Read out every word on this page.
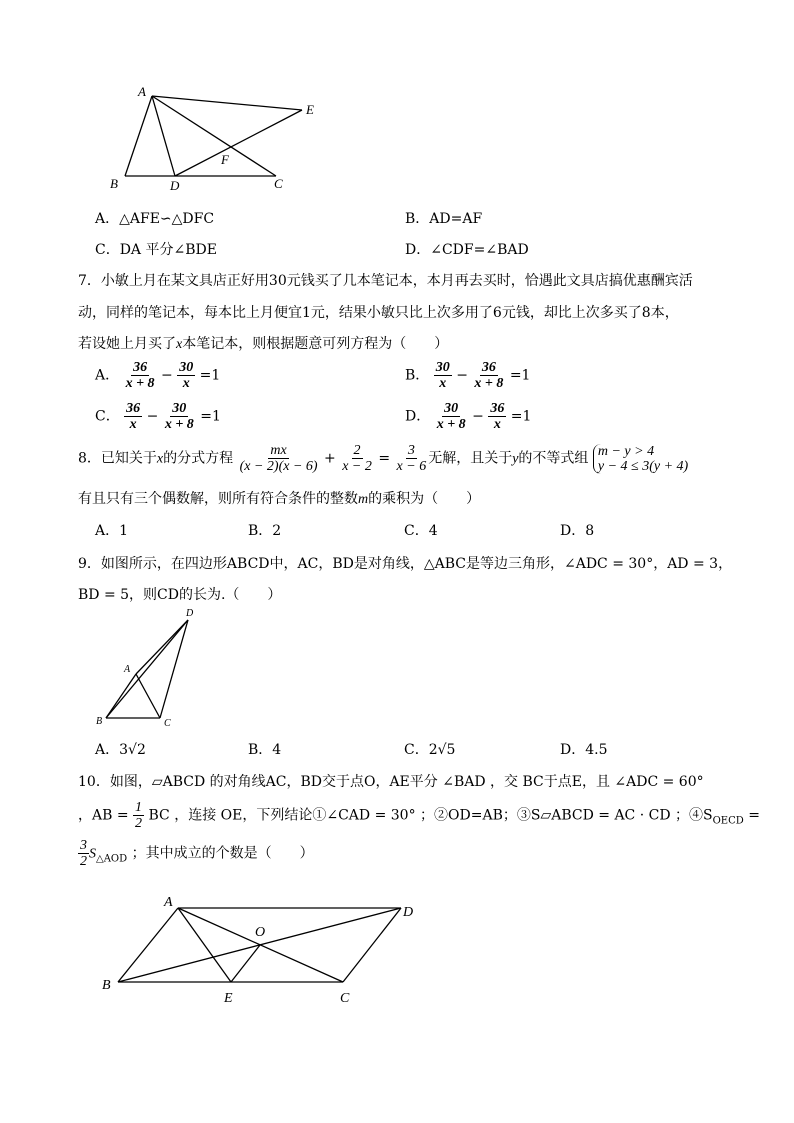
A
E
F
B	D	C
A．△AFE∽△DFC	B．AD=AF
C．DA 平分∠BDE	D．∠CDF=∠BAD
7．小敏上月在某文具店正好用30元钱买了几本笔记本，本月再去买时，恰遇此文具店搞优惠酬宾活
动，同样的笔记本，每本比上月便宜1元，结果小敏只比上次多用了6元钱，却比上次多买了8本，
若设她上月买了x本笔记本，则根据题意可列方程为（　　）
A． $\frac{36}{x + 8} - \frac{30}{x} =1$	B． $\frac{30}{x} - \frac{36}{x + 8} =1$
C． $\frac{36}{x} - \frac{30}{x + 8} =1$	D． $\frac{30}{x + 8} - \frac{36}{x} =1$
8．已知关于x的分式方程 $\frac{mx}{(x - 2)(x - 6)} + \frac{2}{x - 2} = \frac{3}{x - 6}$ 无解，且关于y的不等式组 m − y > 4
y − 4 ≤ 3(y + 4)
有且只有三个偶数解，则所有符合条件的整数m的乘积为（　　）
A．1	B．2	C．4	D．8
9．如图所示，在四边形ABCD中，AC，BD是对角线，△ABC是等边三角形，∠ADC = 30°，AD = 3，
BD = 5，则CD的长为.（　　）
D
A
B	C
A．3√2	B．4	C．2√5	D．4.5
10．如图，▱ABCD 的对角线AC，BD交于点O，AE平分 ∠BAD ，交 BC于点E，且 ∠ADC = 60°
，AB = $\frac{1}{2}$ BC ，连接 OE，下列结论①∠CAD = 30° ；②OD=AB；③S▱ABCD = AC · CD ；$④S_{OECD}$ =
$\frac{3}{2} S_{\triangle AOD}$ ；其中成立的个数是（　　）
A
D
O
B
E	C
